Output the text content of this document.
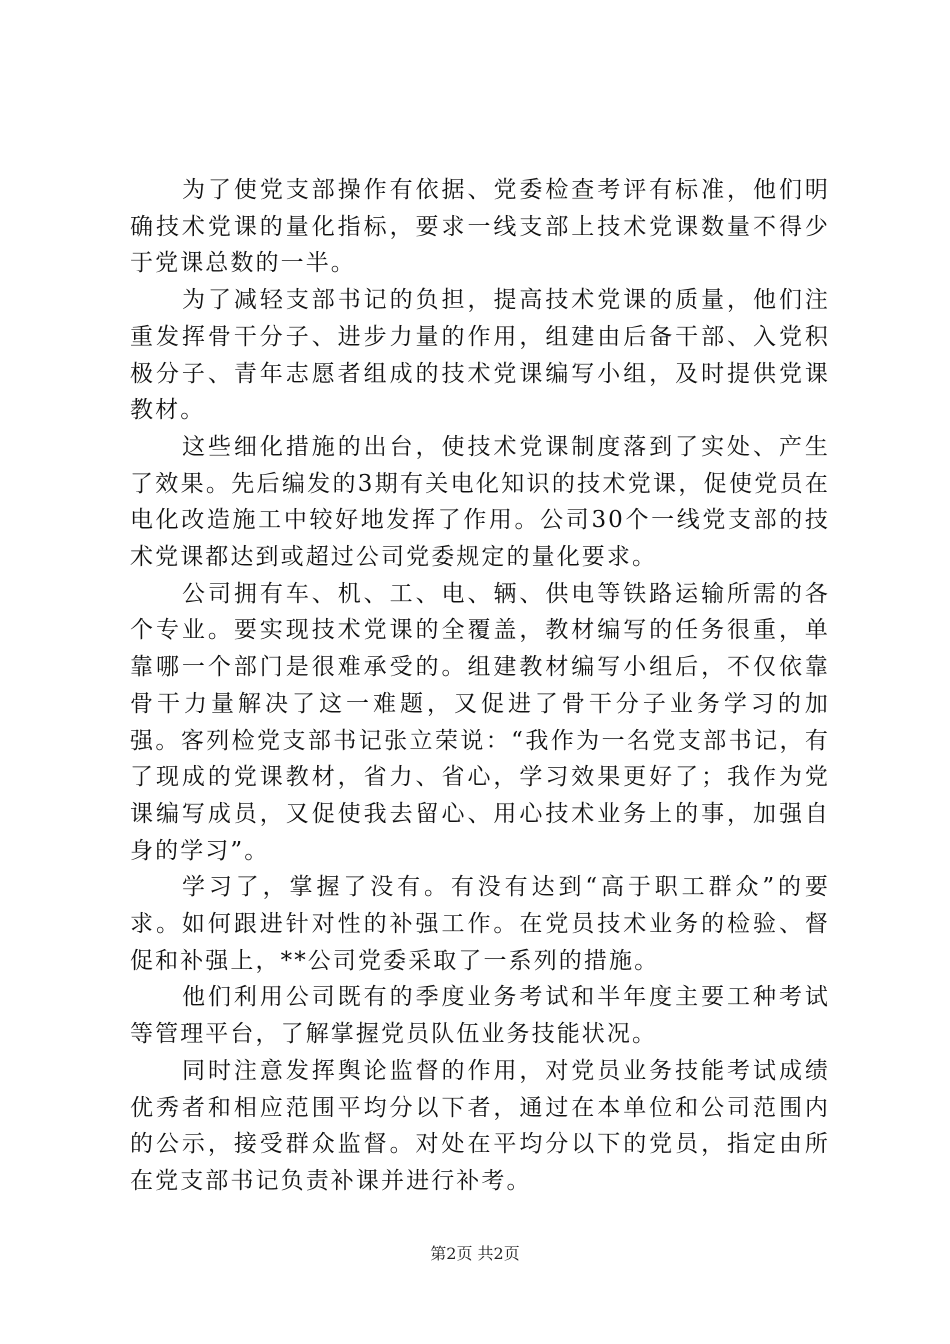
为了使党支部操作有依据、党委检查考评有标准，他们明确技术党课的量化指标，要求一线支部上技术党课数量不得少于党课总数的一半。

为了减轻支部书记的负担，提高技术党课的质量，他们注重发挥骨干分子、进步力量的作用，组建由后备干部、入党积极分子、青年志愿者组成的技术党课编写小组，及时提供党课教材。

这些细化措施的出台，使技术党课制度落到了实处、产生了效果。先后编发的3期有关电化知识的技术党课，促使党员在电化改造施工中较好地发挥了作用。公司30个一线党支部的技术党课都达到或超过公司党委规定的量化要求。

公司拥有车、机、工、电、辆、供电等铁路运输所需的各个专业。要实现技术党课的全覆盖，教材编写的任务很重，单靠哪一个部门是很难承受的。组建教材编写小组后，不仅依靠骨干力量解决了这一难题，又促进了骨干分子业务学习的加强。客列检党支部书记张立荣说：“我作为一名党支部书记，有了现成的党课教材，省力、省心，学习效果更好了；我作为党课编写成员，又促使我去留心、用心技术业务上的事，加强自身的学习”。

学习了，掌握了没有。有没有达到“高于职工群众”的要求。如何跟进针对性的补强工作。在党员技术业务的检验、督促和补强上，**公司党委采取了一系列的措施。

他们利用公司既有的季度业务考试和半年度主要工种考试等管理平台，了解掌握党员队伍业务技能状况。

同时注意发挥舆论监督的作用，对党员业务技能考试成绩优秀者和相应范围平均分以下者，通过在本单位和公司范围内的公示，接受群众监督。对处在平均分以下的党员，指定由所在党支部书记负责补课并进行补考。

第2页 共2页
